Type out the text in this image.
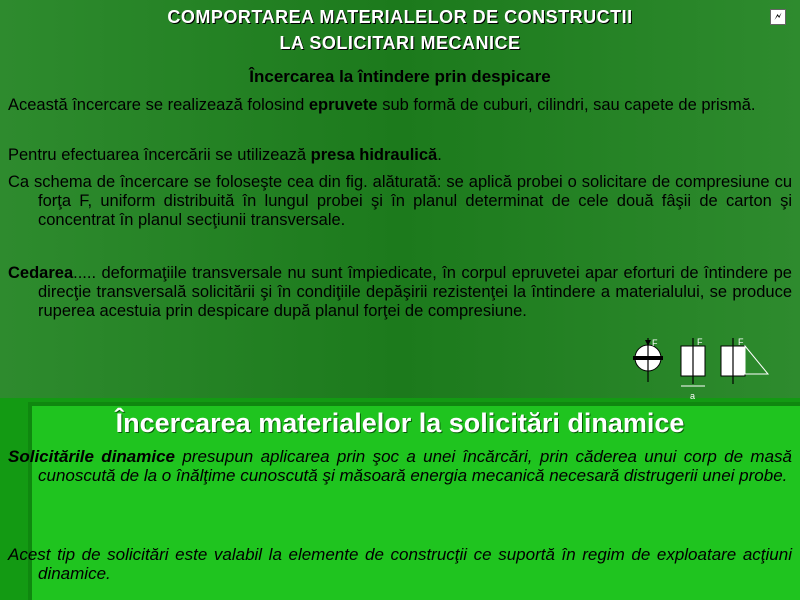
COMPORTAREA MATERIALELOR DE CONSTRUCTII
LA SOLICITARI MECANICE
🗲
Încercarea la întindere prin despicare
Această încercare se realizează folosind epruvete sub formă de cuburi, cilindri, sau capete de prismă.
Pentru efectuarea încercării se utilizează presa hidraulică.
Ca schema de încercare se foloseşte cea din fig. alăturată: se aplică probei o solicitare de compresiune cu forţa F, uniform distribuită în lungul probei şi în planul determinat de cele două fâşii de carton şi concentrat în planul secţiunii transversale.
Cedarea..... deformaţiile transversale nu sunt împiedicate, în corpul epruvetei apar eforturi de întindere pe direcţie transversală solicitării şi în condiţiile depăşirii rezistenţei la întindere a materialului, se produce ruperea acestuia prin despicare după planul forţei de compresiune.
F	F
a
F
Încercarea materialelor la solicitări dinamice
Solicitările dinamice presupun aplicarea prin şoc a unei încărcări, prin căderea unui corp de masă cunoscută de la o înălţime cunoscută şi măsoară energia mecanică necesară distrugerii unei probe.
Acest tip de solicitări este valabil la elemente de construcţii ce suportă în regim de exploatare acţiuni dinamice.
